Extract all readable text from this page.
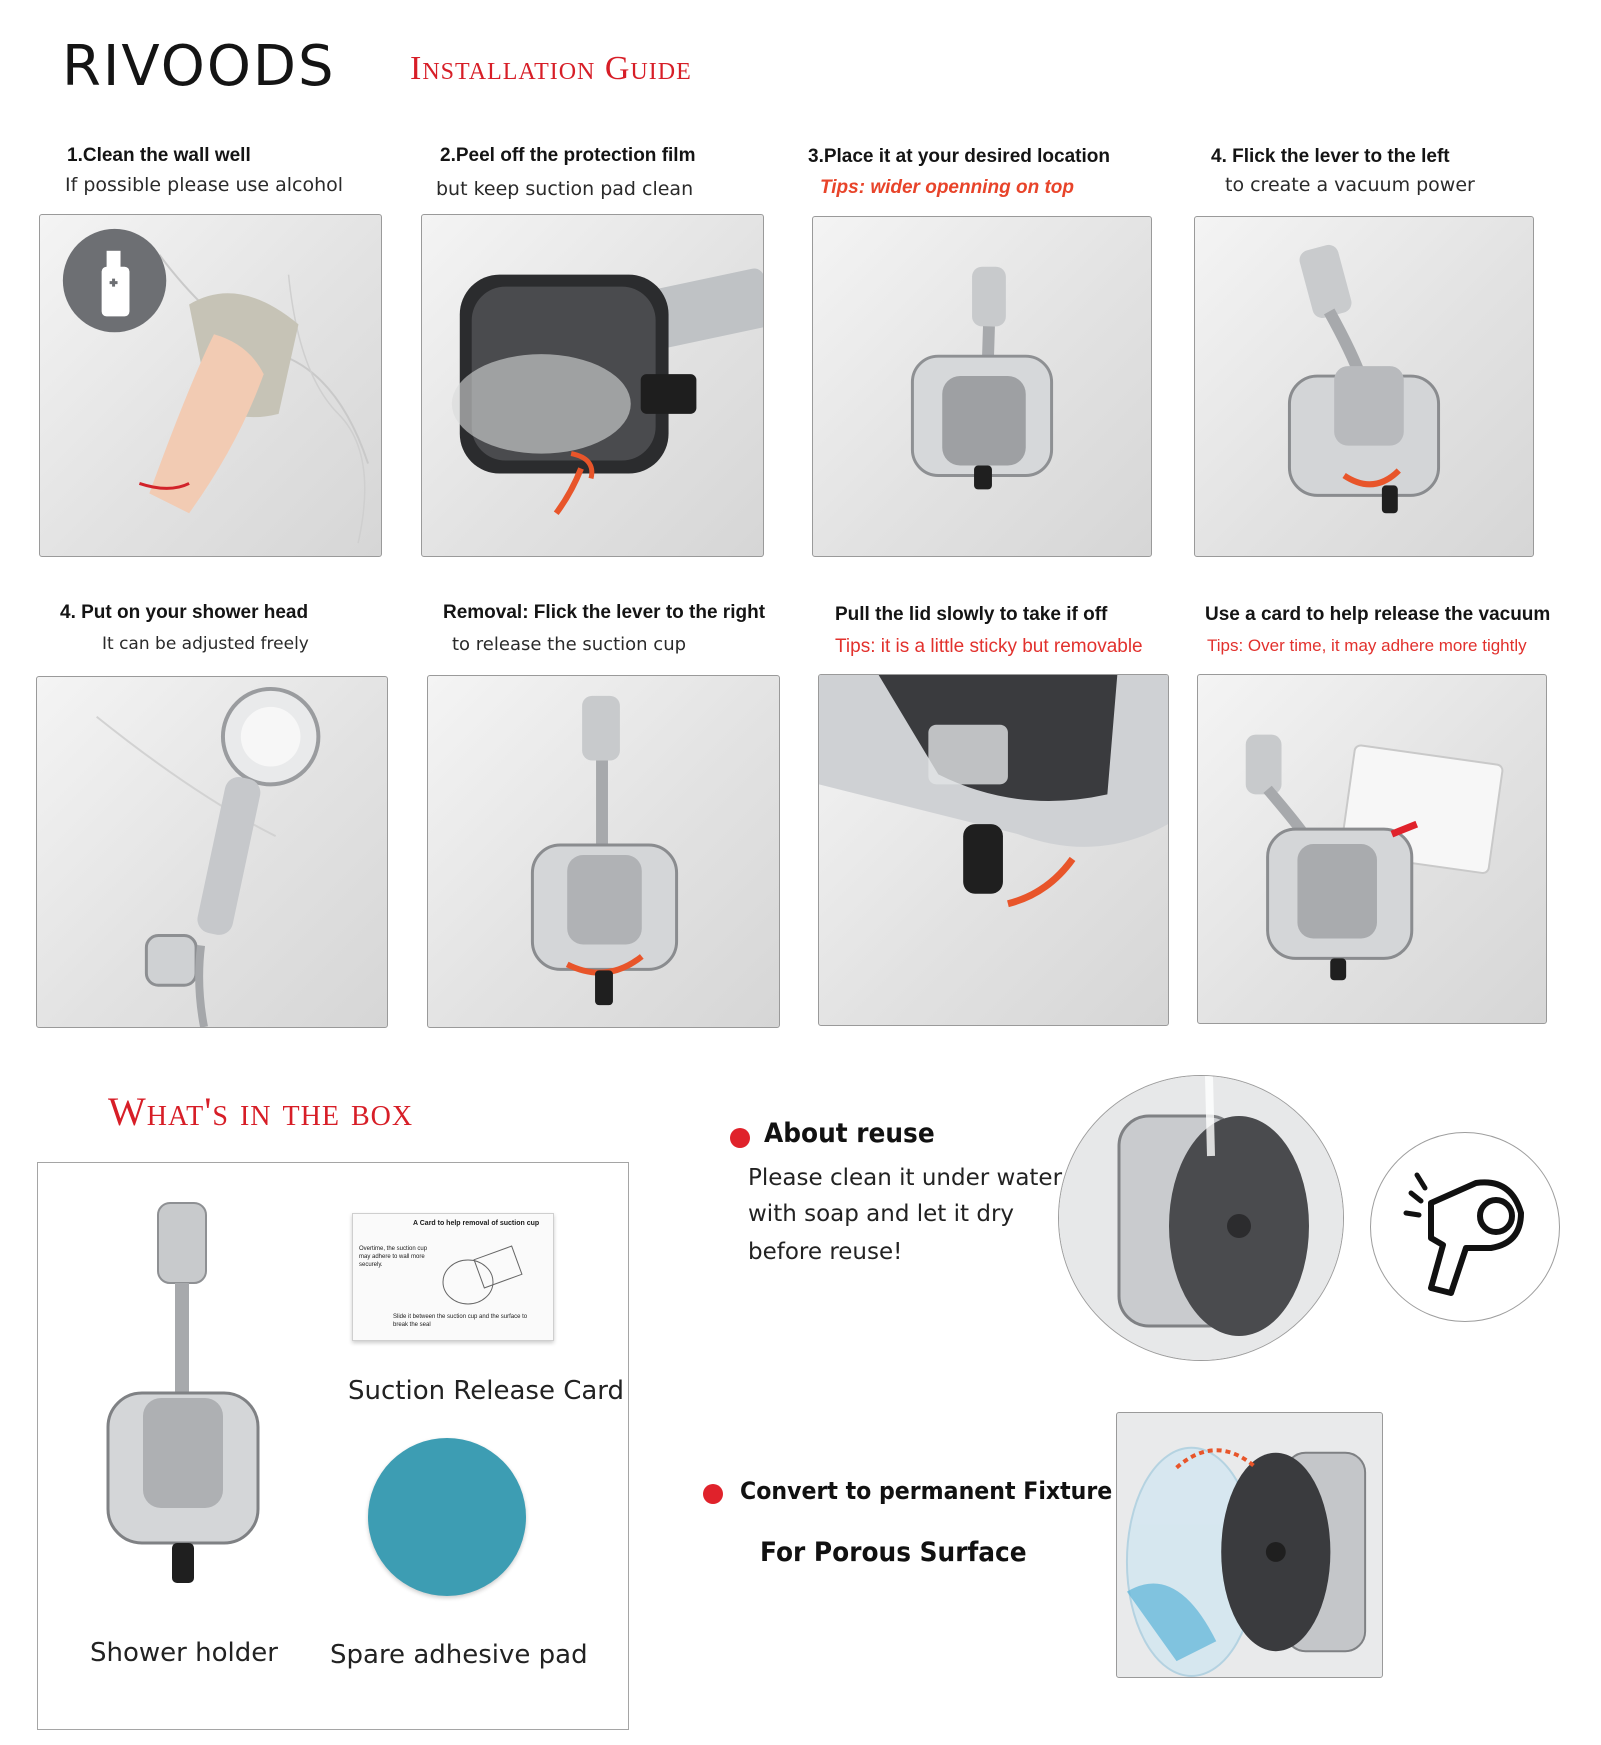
RIVOODS Installation Guide
1.Clean the wall well
If possible please use alcohol
2.Peel off the protection film
but keep suction pad clean
3.Place it at your desired location
Tips: wider openning on top
4. Flick the lever to the left
to create a vacuum power
4. Put on your shower head
It can be adjusted freely
Removal: Flick the lever to the right
to release the suction cup
Pull the lid slowly to take if off
Tips: it is a little sticky but removable
Use a card to help release the vacuum
Tips: Over time, it may adhere more tightly
What's in the box
A Card to help removal of suction cup
Overtime, the suction cup may adhere to wall more securely.
Slide it between the suction cup and the surface to break the seal
Shower holder
Suction Release Card
Spare adhesive pad
About reuse
Please clean it under water
with soap and let it dry
before reuse!
Convert to permanent Fixture
For Porous Surface
